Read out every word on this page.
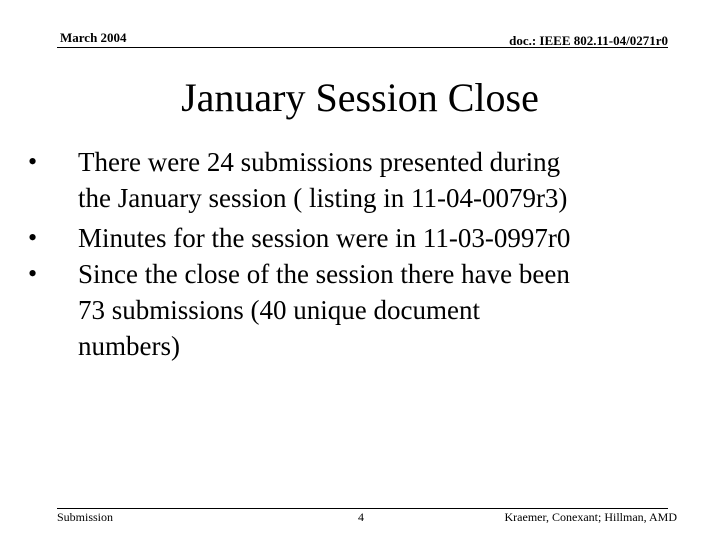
March 2004	doc.: IEEE 802.11-04/0271r0
January Session Close
• There were 24 submissions presented during
the January session ( listing in 11-04-0079r3)
• Minutes for the session were in 11-03-0997r0
• Since the close of the session there have been
73 submissions (40 unique document
numbers)
Submission	4	Kraemer, Conexant; Hillman, AMD
